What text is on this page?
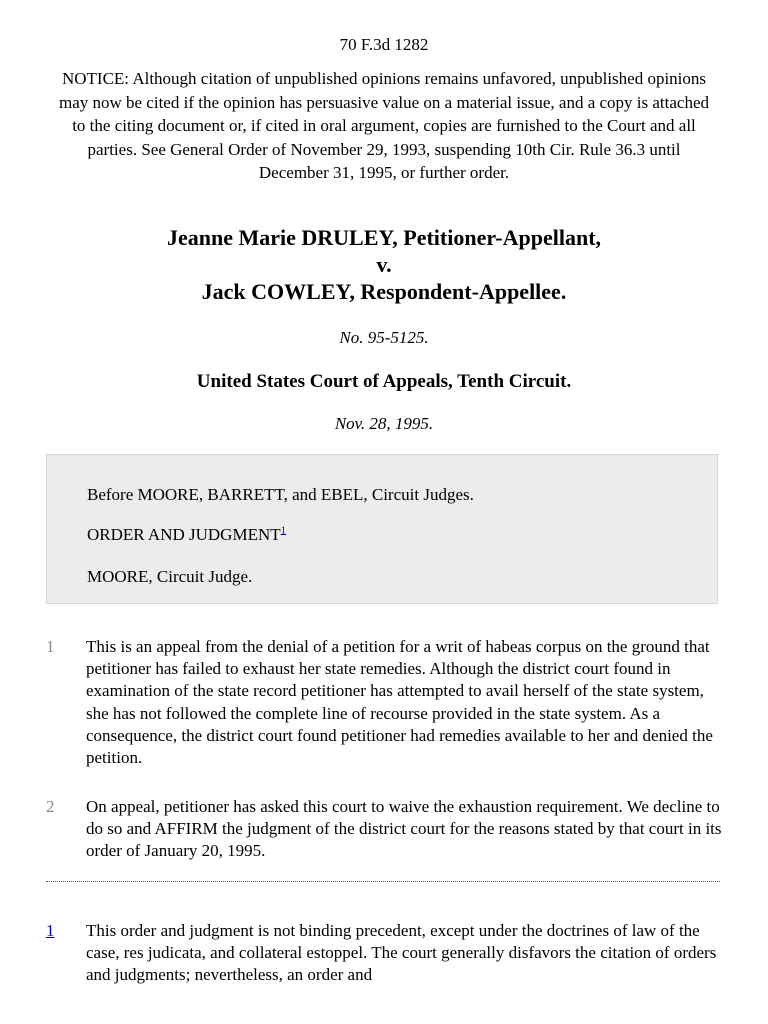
70 F.3d 1282
NOTICE: Although citation of unpublished opinions remains unfavored, unpublished opinions may now be cited if the opinion has persuasive value on a material issue, and a copy is attached to the citing document or, if cited in oral argument, copies are furnished to the Court and all parties. See General Order of November 29, 1993, suspending 10th Cir. Rule 36.3 until December 31, 1995, or further order.
Jeanne Marie DRULEY, Petitioner-Appellant,
v.
Jack COWLEY, Respondent-Appellee.
No. 95-5125.
United States Court of Appeals, Tenth Circuit.
Nov. 28, 1995.
Before MOORE, BARRETT, and EBEL, Circuit Judges.
ORDER AND JUDGMENT$^1$
MOORE, Circuit Judge.
1 This is an appeal from the denial of a petition for a writ of habeas corpus on the ground that petitioner has failed to exhaust her state remedies. Although the district court found in examination of the state record petitioner has attempted to avail herself of the state system, she has not followed the complete line of recourse provided in the state system. As a consequence, the district court found petitioner had remedies available to her and denied the petition.
2 On appeal, petitioner has asked this court to waive the exhaustion requirement. We decline to do so and AFFIRM the judgment of the district court for the reasons stated by that court in its order of January 20, 1995.
1 This order and judgment is not binding precedent, except under the doctrines of law of the case, res judicata, and collateral estoppel. The court generally disfavors the citation of orders and judgments; nevertheless, an order and
